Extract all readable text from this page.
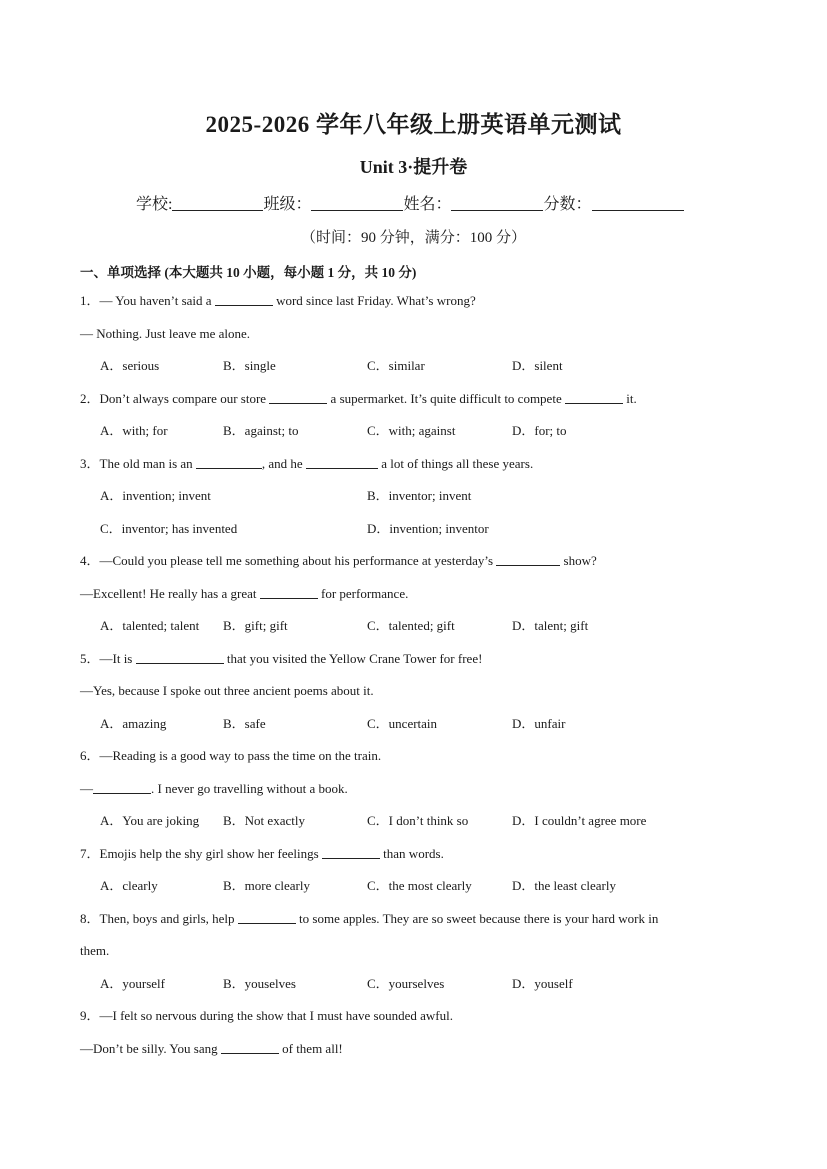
2025-2026 学年八年级上册英语单元测试
Unit 3·提升卷
学校:	班级：	姓名：	分数：
（时间：90 分钟，满分：100 分）
一、单项选择 (本大题共 10 小题，每小题 1 分，共 10 分)
1．— You haven’t said a	word since last Friday. What’s wrong?
— Nothing. Just leave me alone.
A．serious	B．single	C．similar	D．silent
2．Don’t always compare our store	a supermarket. It’s quite difficult to compete	it.
A．with; for	B．against; to	C．with; against	D．for; to
3．The old man is an	, and he	a lot of things all these years.
A．invention; invent	B．inventor; invent
C．inventor; has invented	D．invention; inventor
4．—Could you please tell me something about his performance at yesterday’s	show?
—Excellent! He really has a great	for performance.
A．talented; talent B．gift; gift	C．talented; gift	D．talent; gift
5．—It is	that you visited the Yellow Crane Tower for free!
—Yes, because I spoke out three ancient poems about it.
A．amazing	B．safe	C．uncertain	D．unfair
6．—Reading is a good way to pass the time on the train.
—	. I never go travelling without a book.
A．You are joking B．Not exactly	C．I don’t think so	D．I couldn’t agree more
7．Emojis help the shy girl show her feelings	than words.
A．clearly	B．more clearly	C．the most clearly	D．the least clearly
8．Then, boys and girls, help	to some apples. They are so sweet because there is your hard work in
them.
A．yourself	B．youselves	C．yourselves	D．youself
9．—I felt so nervous during the show that I must have sounded awful.
—Don’t be silly. You sang	of them all!
